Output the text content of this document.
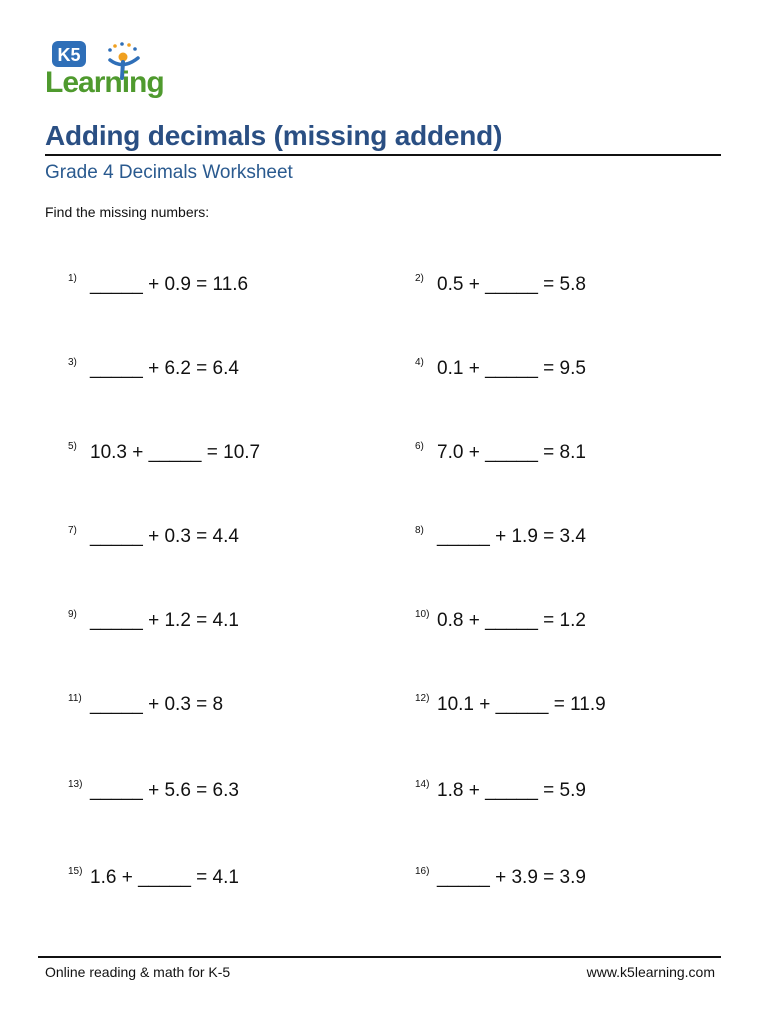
K5
Learning
Adding decimals (missing addend)
Grade 4 Decimals Worksheet
Find the missing numbers:
1) _____ + 0.9 = 11.6	2) 0.5 + _____ = 5.8
3) _____ + 6.2 = 6.4	4) 0.1 + _____ = 9.5
5) 10.3 + _____ = 10.7	6) 7.0 + _____ = 8.1
7) _____ + 0.3 = 4.4	8) _____ + 1.9 = 3.4
9) _____ + 1.2 = 4.1	10) 0.8 + _____ = 1.2
11) _____ + 0.3 = 8	12) 10.1 + _____ = 11.9
13) _____ + 5.6 = 6.3	14) 1.8 + _____ = 5.9
15) 1.6 + _____ = 4.1	16) _____ + 3.9 = 3.9
Online reading & math for K-5	www.k5learning.com
